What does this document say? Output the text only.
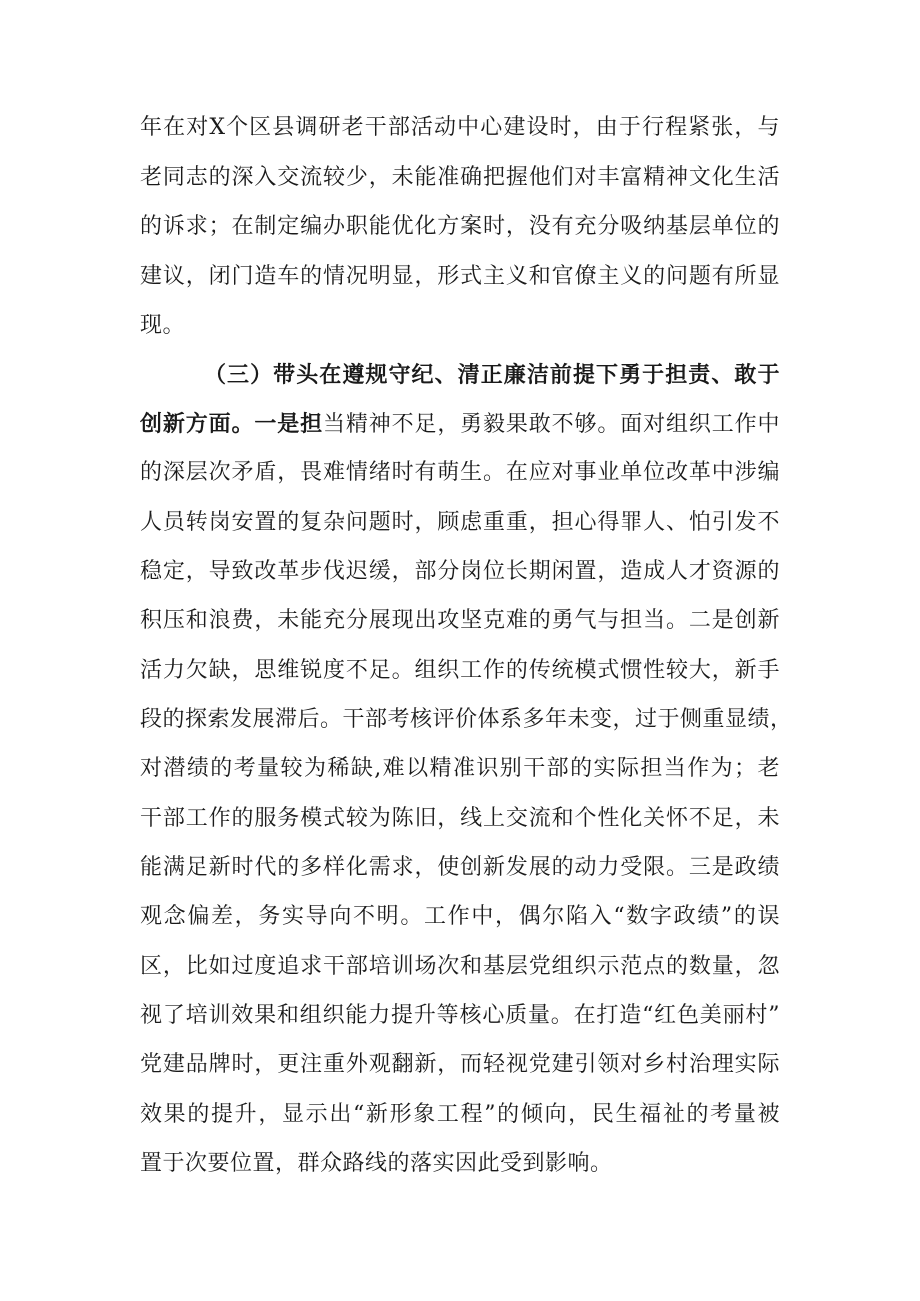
年在对X个区县调研老干部活动中心建设时，由于行程紧张，与
老同志的深入交流较少，未能准确把握他们对丰富精神文化生活
的诉求；在制定编办职能优化方案时，没有充分吸纳基层单位的
建议，闭门造车的情况明显，形式主义和官僚主义的问题有所显
现。
（三）带头在遵规守纪、清正廉洁前提下勇于担责、敢于
创新方面。一是担当精神不足，勇毅果敢不够。面对组织工作中
的深层次矛盾，畏难情绪时有萌生。在应对事业单位改革中涉编
人员转岗安置的复杂问题时，顾虑重重，担心得罪人、怕引发不
稳定，导致改革步伐迟缓，部分岗位长期闲置，造成人才资源的
积压和浪费，未能充分展现出攻坚克难的勇气与担当。二是创新
活力欠缺，思维锐度不足。组织工作的传统模式惯性较大，新手
段的探索发展滞后。干部考核评价体系多年未变，过于侧重显绩，
对潜绩的考量较为稀缺,难以精准识别干部的实际担当作为；老
干部工作的服务模式较为陈旧，线上交流和个性化关怀不足，未
能满足新时代的多样化需求，使创新发展的动力受限。三是政绩
观念偏差，务实导向不明。工作中，偶尔陷入“数字政绩”的误
区，比如过度追求干部培训场次和基层党组织示范点的数量，忽
视了培训效果和组织能力提升等核心质量。在打造“红色美丽村”
党建品牌时，更注重外观翻新，而轻视党建引领对乡村治理实际
效果的提升，显示出“新形象工程”的倾向，民生福祉的考量被
置于次要位置，群众路线的落实因此受到影响。
